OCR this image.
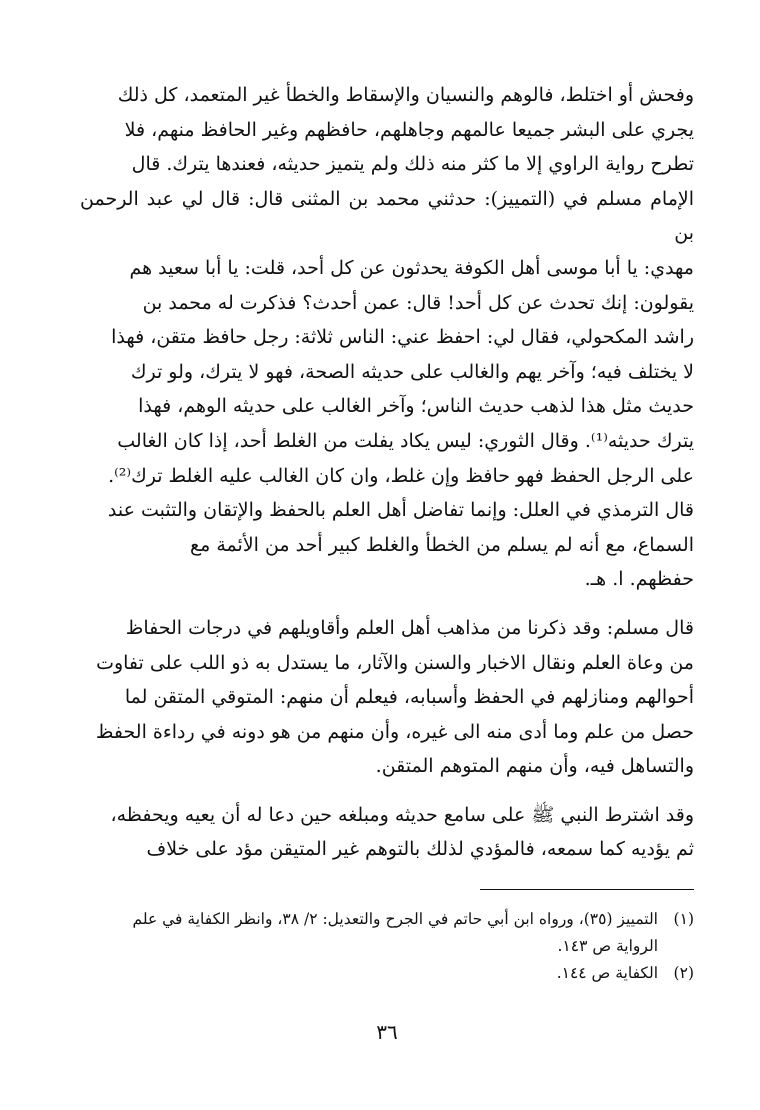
وفحش أو اختلط، فالوهم والنسيان والإسقاط والخطأ غير المتعمد، كل ذلك

يجري على البشر جميعا عالمهم وجاهلهم، حافظهم وغير الحافظ منهم، فلا

تطرح رواية الراوي إلا ما كثر منه ذلك ولم يتميز حديثه، فعندها يترك. قال

الإمام مسلم في (التمييز): حدثني محمد بن المثنى قال: قال لي عبد الرحمن بن

مهدي: يا أبا موسى أهل الكوفة يحدثون عن كل أحد، قلت: يا أبا سعيد هم

يقولون: إنك تحدث عن كل أحد! قال: عمن أحدث؟ فذكرت له محمد بن

راشد المكحولي، فقال لي: احفظ عني: الناس ثلاثة: رجل حافظ متقن، فهذا

لا يختلف فيه؛ وآخر يهم والغالب على حديثه الصحة، فهو لا يترك، ولو ترك

حديث مثل هذا لذهب حديث الناس؛ وآخر الغالب على حديثه الوهم، فهذا

يترك حديثه⁽¹⁾. وقال الثوري: ليس يكاد يفلت من الغلط أحد، إذا كان الغالب

على الرجل الحفظ فهو حافظ وإن غلط، وان كان الغالب عليه الغلط ترك⁽²⁾.

قال الترمذي في العلل: وإنما تفاضل أهل العلم بالحفظ والإتقان والتثبت عند

السماع، مع أنه لم يسلم من الخطأ والغلط كبير أحد من الأئمة مع

حفظهم. ا. هـ.

قال مسلم: وقد ذكرنا من مذاهب أهل العلم وأقاويلهم في درجات الحفاظ

من وعاة العلم ونقال الاخبار والسنن والآثار، ما يستدل به ذو اللب على تفاوت

أحوالهم ومنازلهم في الحفظ وأسبابه، فيعلم أن منهم: المتوقي المتقن لما

حصل من علم وما أدى منه الى غيره، وأن منهم من هو دونه في رداءة الحفظ

والتساهل فيه، وأن منهم المتوهم المتقن.

وقد اشترط النبي ﷺ على سامع حديثه ومبلغه حين دعا له أن يعيه ويحفظه،

ثم يؤديه كما سمعه، فالمؤدي لذلك بالتوهم غير المتيقن مؤد على خلاف

(١)
التمييز (٣٥)، ورواه ابن أبي حاتم في الجرح والتعديل: ٢/ ٣٨، وانظر الكفاية في علم
الرواية ص ١٤٣.
(٢)
الكفاية ص ١٤٤.
٣٦
